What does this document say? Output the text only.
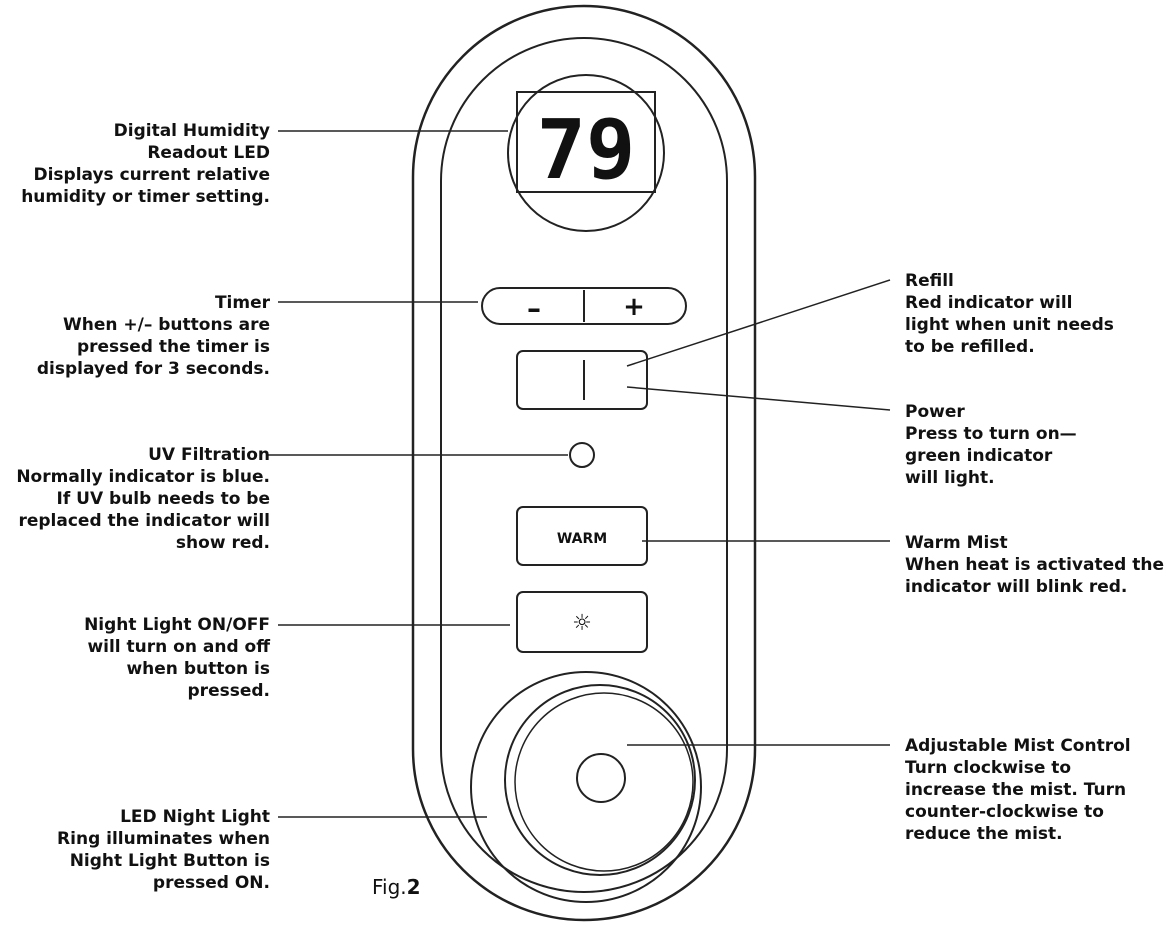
79
–	+
WARM
☼
Digital Humidity
Readout LED
Displays current relative
humidity or timer setting.
Timer
When +/– buttons are
pressed the timer is
displayed for 3 seconds.
UV Filtration
Normally indicator is blue.
If UV bulb needs to be
replaced the indicator will
show red.
Night Light ON/OFF
will turn on and off
when button is
pressed.
LED Night Light
Ring illuminates when
Night Light Button is
pressed ON.
Refill
Red indicator will
light when unit needs
to be refilled.
Power
Press to turn on—
green indicator
will light.
Warm Mist
When heat is activated the
indicator will blink red.
Adjustable Mist Control
Turn clockwise to
increase the mist. Turn
counter-clockwise to
reduce the mist.
Fig.2
